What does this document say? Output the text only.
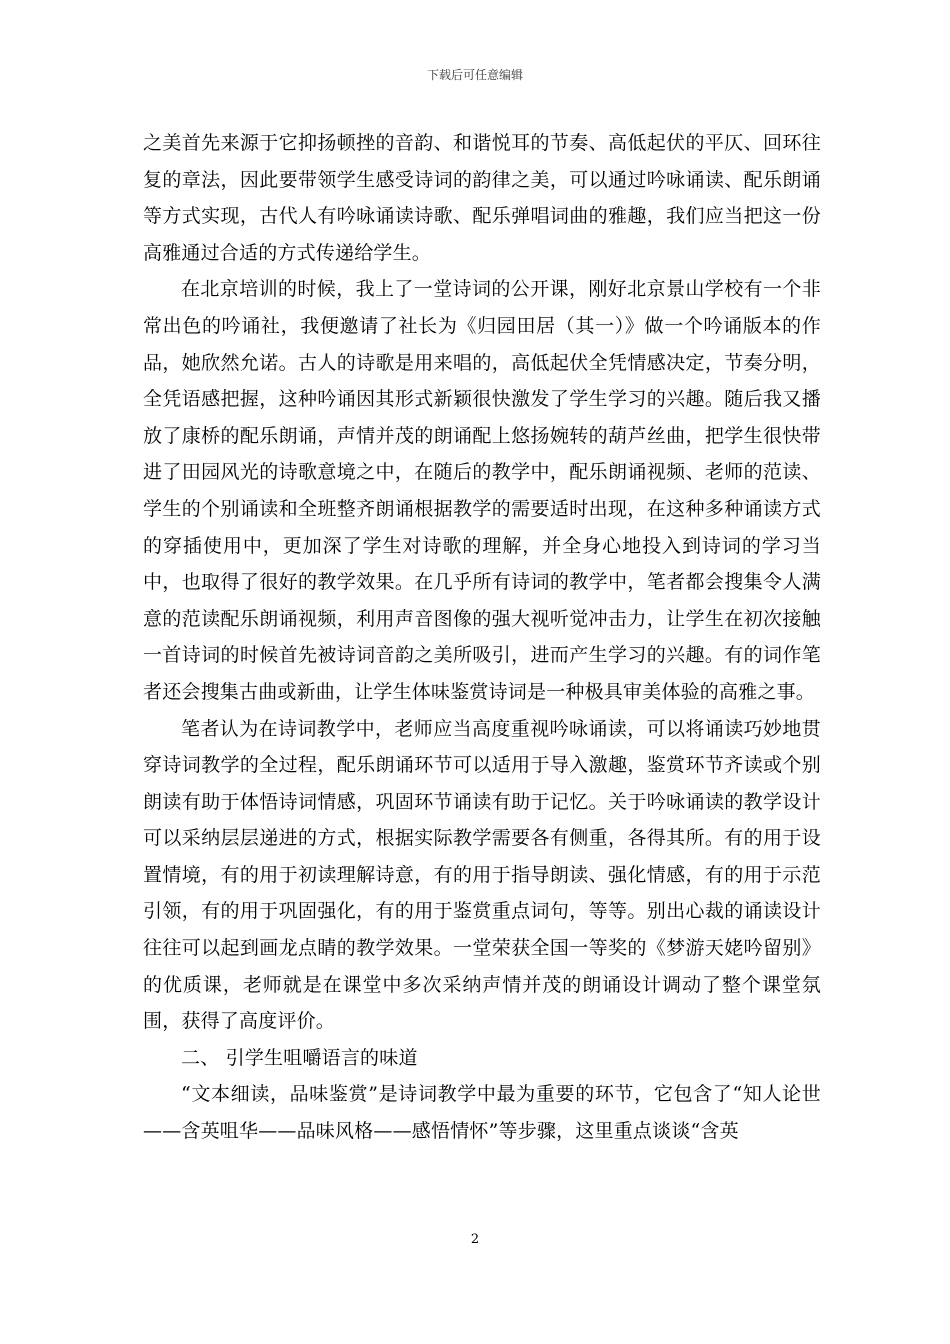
下载后可任意编辑

之美首先来源于它抑扬顿挫的音韵、和谐悦耳的节奏、高低起伏的平仄、回环往复的章法，因此要带领学生感受诗词的韵律之美，可以通过吟咏诵读、配乐朗诵等方式实现，古代人有吟咏诵读诗歌、配乐弹唱词曲的雅趣，我们应当把这一份高雅通过合适的方式传递给学生。

在北京培训的时候，我上了一堂诗词的公开课，刚好北京景山学校有一个非常出色的吟诵社，我便邀请了社长为《归园田居（其一）》做一个吟诵版本的作品，她欣然允诺。古人的诗歌是用来唱的，高低起伏全凭情感决定，节奏分明，全凭语感把握，这种吟诵因其形式新颖很快激发了学生学习的兴趣。随后我又播放了康桥的配乐朗诵，声情并茂的朗诵配上悠扬婉转的葫芦丝曲，把学生很快带进了田园风光的诗歌意境之中，在随后的教学中，配乐朗诵视频、老师的范读、学生的个别诵读和全班整齐朗诵根据教学的需要适时出现，在这种多种诵读方式的穿插使用中，更加深了学生对诗歌的理解，并全身心地投入到诗词的学习当中，也取得了很好的教学效果。在几乎所有诗词的教学中，笔者都会搜集令人满意的范读配乐朗诵视频，利用声音图像的强大视听觉冲击力，让学生在初次接触一首诗词的时候首先被诗词音韵之美所吸引，进而产生学习的兴趣。有的词作笔者还会搜集古曲或新曲，让学生体味鉴赏诗词是一种极具审美体验的高雅之事。

笔者认为在诗词教学中，老师应当高度重视吟咏诵读，可以将诵读巧妙地贯穿诗词教学的全过程，配乐朗诵环节可以适用于导入激趣，鉴赏环节齐读或个别朗读有助于体悟诗词情感，巩固环节诵读有助于记忆。关于吟咏诵读的教学设计可以采纳层层递进的方式，根据实际教学需要各有侧重，各得其所。有的用于设置情境，有的用于初读理解诗意，有的用于指导朗读、强化情感，有的用于示范引领，有的用于巩固强化，有的用于鉴赏重点词句，等等。别出心裁的诵读设计往往可以起到画龙点睛的教学效果。一堂荣获全国一等奖的《梦游天姥吟留别》的优质课，老师就是在课堂中多次采纳声情并茂的朗诵设计调动了整个课堂氛围，获得了高度评价。

二、 引学生咀嚼语言的味道

“文本细读，品味鉴赏”是诗词教学中最为重要的环节，它包含了“知人论世——含英咀华——品味风格——感悟情怀”等步骤，这里重点谈谈“含英

2
